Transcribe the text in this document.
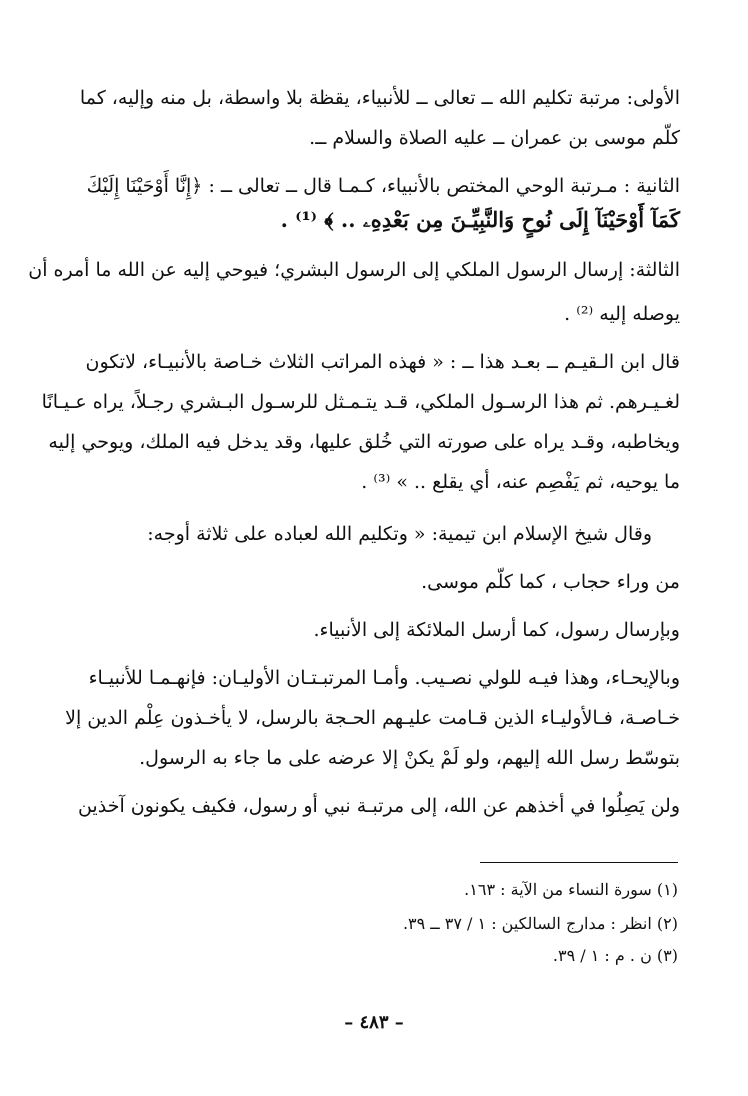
الأولى: مرتبة تكليم الله ــ تعالى ــ للأنبياء، يقظة بلا واسطة، بل منه وإليه، كما
كلّم موسى بن عمران ــ عليه الصلاة والسلام ــ.
الثانية : مـرتبة الوحي المختص بالأنبياء، كـمـا قال ــ تعالى ــ : ﴿إِنَّا أَوْحَيْنَا إِلَيْكَ
كَمَآ أَوْحَيْنَآ إِلَى نُوحٍ وَالنَّبِيِّـنَ مِن بَعْدِهِۦ .. ﴾ ⁽¹⁾ .
الثالثة: إرسال الرسول الملكي إلى الرسول البشري؛ فيوحي إليه عن الله ما أمره أن
يوصله إليه ⁽²⁾ .
قال ابن الـقيـم ــ بعـد هذا ــ : « فهذه المراتب الثلاث خـاصة بالأنبيـاء، لاتكون
لغـيـرهم. ثم هذا الرسـول الملكي، قـد يتـمـثل للرسـول البـشري رجـلاً، يراه عـيـانًا
ويخاطبه، وقـد يراه على صورته التي خُلق عليها، وقد يدخل فيه الملك، ويوحي إليه
ما يوحيه، ثم يَفْصِم عنه، أي يقلع .. » ⁽³⁾ .
وقال شيخ الإسلام ابن تيمية: « وتكليم الله لعباده على ثلاثة أوجه:
من وراء حجاب ، كما كلّم موسى.
وبإرسال رسول، كما أرسل الملائكة إلى الأنبياء.
وبالإيحـاء، وهذا فيـه للولي نصـيب. وأمـا المرتبـتـان الأوليـان: فإنهـمـا للأنبيـاء
خـاصـة، فـالأوليـاء الذين قـامت عليـهم الحـجة بالرسل، لا يأخـذون عِلْم الدين إلا
بتوسّط رسل الله إليهم، ولو لَمْ يكنْ إلا عرضه على ما جاء به الرسول.
ولن يَصِلُوا في أخذهم عن الله، إلى مرتبـة نبي أو رسول، فكيف يكونون آخذين
(١) سورة النساء من الآية : ١٦٣.
(٢) انظر : مدارج السالكين : ١ / ٣٧ ــ ٣٩.
(٣) ن . م : ١ / ٣٩.
– ٤٨٣ –
